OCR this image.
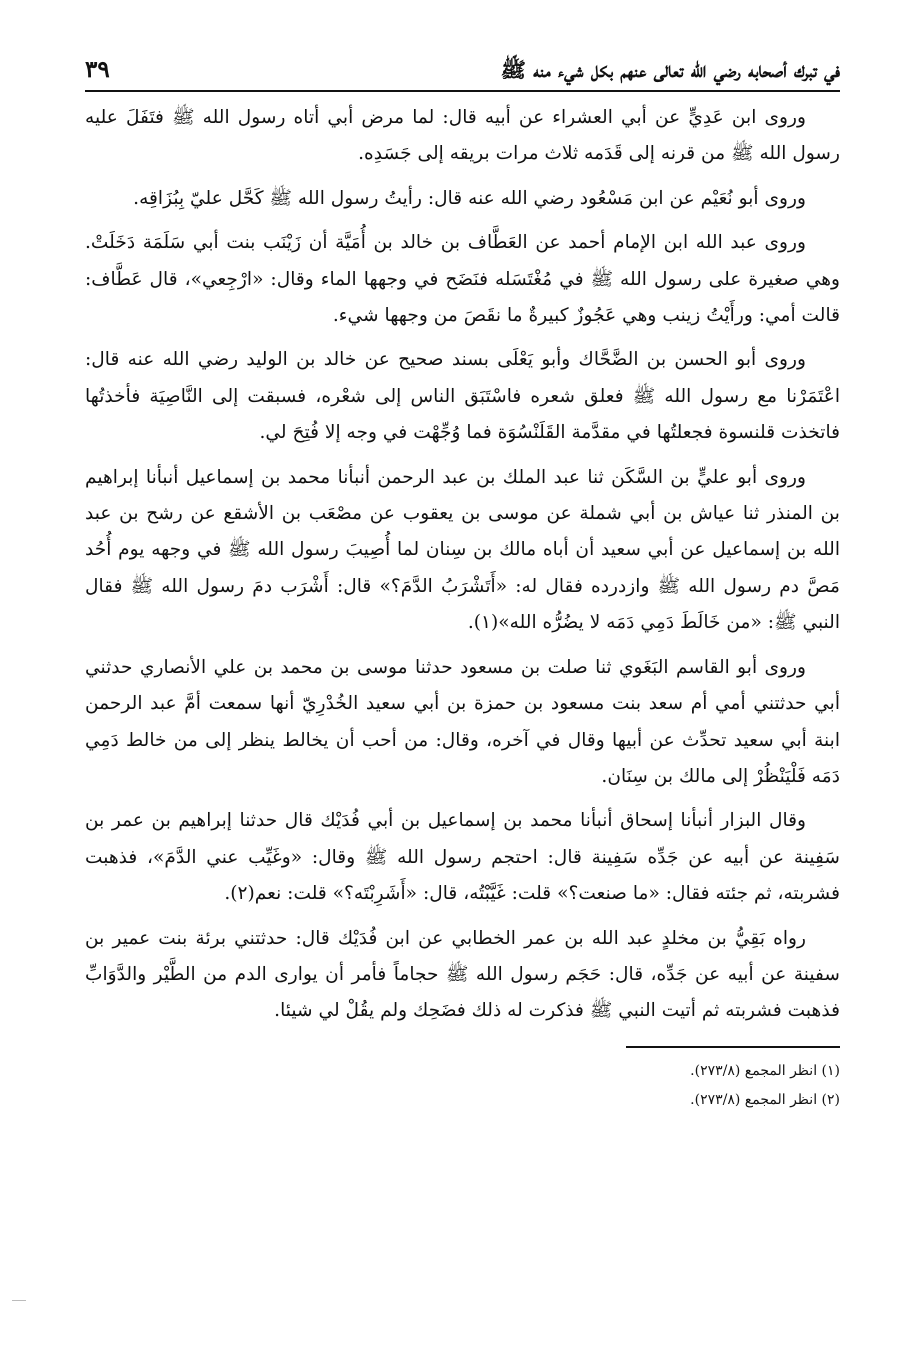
في تبرك أصحابه رضي الله تعالى عنهم بكل شيء منه ﷺ
٣٩

وروى ابن عَدِيٍّ عن أبي العشراء عن أبيه قال: لما مرض أبي أتاه رسول الله ﷺ فتَفَلَ عليه رسول الله ﷺ من قرنه إلى قَدَمه ثلاث مرات بريقه إلى جَسَدِه.

وروى أبو نُعَيْم عن ابن مَسْعُود رضي الله عنه قال: رأيتُ رسول الله ﷺ كَحَّل عليّ بِبُزَاقِه.

وروى عبد الله ابن الإمام أحمد عن العَطَّاف بن خالد بن أُمَيَّة أن زَيْنَب بنت أبي سَلَمَة دَخَلَتْ. وهي صغيرة على رسول الله ﷺ في مُغْتَسَله فنَضَح في وجهها الماء وقال: «ارْجِعي»، قال عَطَّاف: قالت أمي: ورأَيْتُ زينب وهي عَجُوزٌ كبيرةٌ ما نقَصَ من وجهها شيء.

وروى أبو الحسن بن الضَّحَّاك وأبو يَعْلَى بسند صحيح عن خالد بن الوليد رضي الله عنه قال: اعْتَمَرْنا مع رسول الله ﷺ فعلق شعره فاسْتَبَق الناس إلى شعْره، فسبقت إلى النَّاصِيَة فأخذتُها فاتخذت قلنسوة فجعلتُها في مقدَّمة القَلَنْسُوَة فما وُجِّهْت في وجه إلا فُتِحَ لي.

وروى أبو عليٍّ بن السَّكَن ثنا عبد الملك بن عبد الرحمن أنبأنا محمد بن إسماعيل أنبأنا إبراهيم بن المنذر ثنا عياش بن أبي شملة عن موسى بن يعقوب عن مصْعَب بن الأشقع عن رشح بن عبد الله بن إسماعيل عن أبي سعيد أن أباه مالك بن سِنان لما أُصِيبَ رسول الله ﷺ في وجهه يوم أُحُد مَصَّ دم رسول الله ﷺ وازدرده فقال له: «أَتَشْرَبُ الدَّمَ؟» قال: أَشْرَب دمَ رسول الله ﷺ فقال النبي ﷺ: «من خَالَطَ دَمِي دَمَه لا يضُرُّه الله»(١).

وروى أبو القاسم البَغَوي ثنا صلت بن مسعود حدثنا موسى بن محمد بن علي الأنصاري حدثني أبي حدثتني أمي أم سعد بنت مسعود بن حمزة بن أبي سعيد الخُدْرِيّ أنها سمعت أمَّ عبد الرحمن ابنة أبي سعيد تحدِّث عن أبيها وقال في آخره، وقال: من أحب أن يخالط ينظر إلى من خالط دَمِي دَمَه فَلْيَنْظُرْ إلى مالك بن سِنَان.

وقال البزار أنبأنا إسحاق أنبأنا محمد بن إسماعيل بن أبي فُدَيْك قال حدثنا إبراهيم بن عمر بن سَفِينة عن أبيه عن جَدِّه سَفِينة قال: احتجم رسول الله ﷺ وقال: «وغَيِّب عني الدَّمَ»، فذهبت فشربته، ثم جئته فقال: «ما صنعت؟» قلت: غَيَّبْتُه، قال: «أَشَرِبْتَه؟» قلت: نعم(٢).

رواه بَقِيُّ بن مخلدٍ عبد الله بن عمر الخطابي عن ابن فُدَيْك قال: حدثتني برئة بنت عمير بن سفينة عن أبيه عن جَدِّه، قال: حَجَم رسول الله ﷺ حجاماً فأمر أن يوارى الدم من الطَّيْر والدَّوَابِّ فذهبت فشربته ثم أتيت النبي ﷺ فذكرت له ذلك فضَحِك ولم يقُلْ لي شيئا.

(١) انظر المجمع (٢٧٣/٨).

(٢) انظر المجمع (٢٧٣/٨).
